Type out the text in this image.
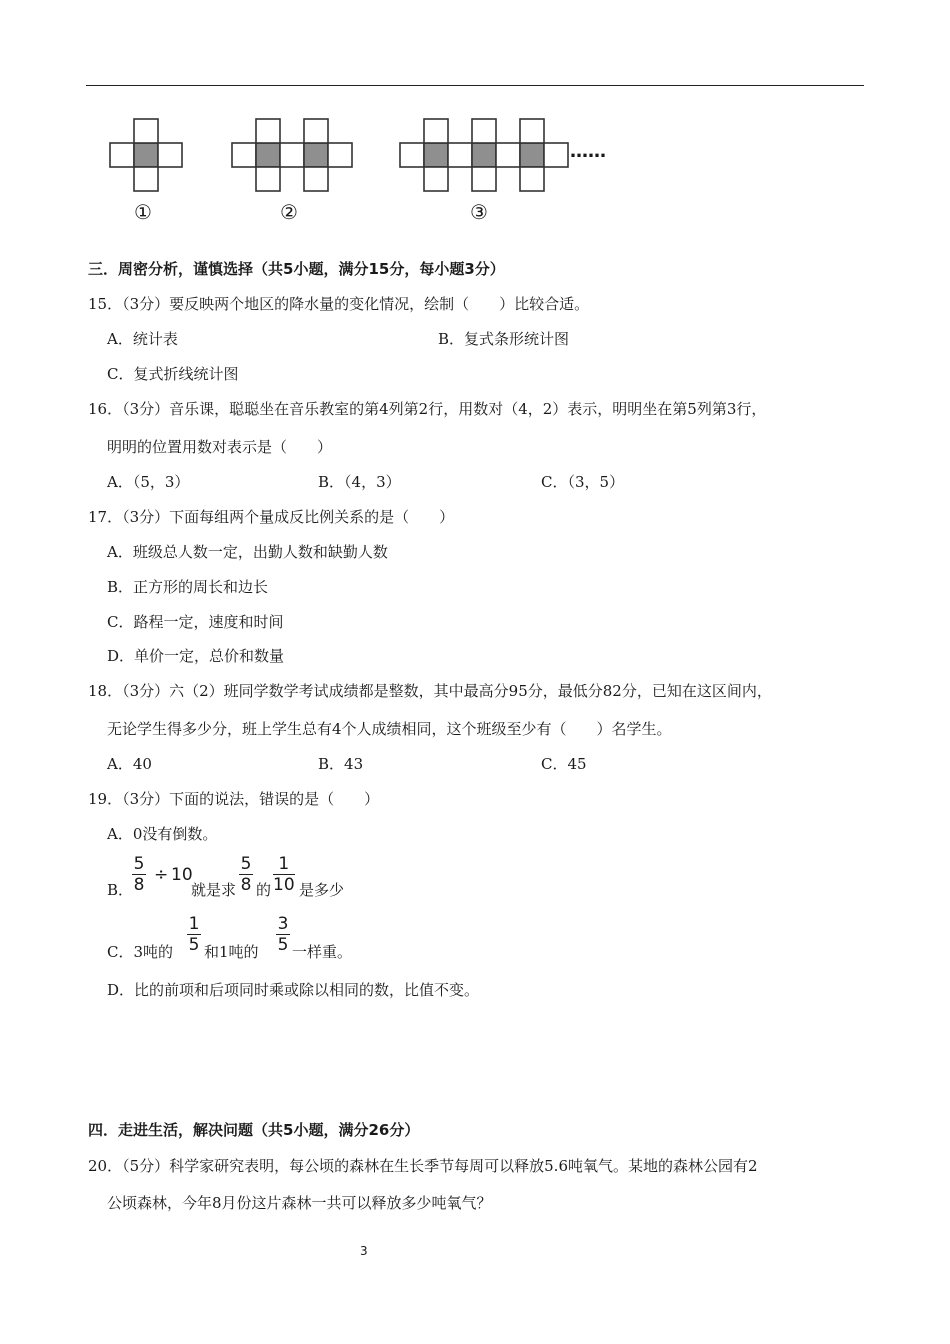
①	②	③
……
三．周密分析，谨慎选择（共5小题，满分15分，每小题3分）
15．（3分）要反映两个地区的降水量的变化情况，绘制（　　）比较合适。
A．统计表	B．复式条形统计图
C．复式折线统计图
16．（3分）音乐课，聪聪坐在音乐教室的第4列第2行，用数对（4，2）表示，明明坐在第5列第3行，
明明的位置用数对表示是（　　）
A．（5，3）	B．（4，3）	C．（3，5）
17．（3分）下面每组两个量成反比例关系的是（　　）
A．班级总人数一定，出勤人数和缺勤人数
B．正方形的周长和边长
C．路程一定，速度和时间
D．单价一定，总价和数量
18．（3分）六（2）班同学数学考试成绩都是整数，其中最高分95分，最低分82分，已知在这区间内，
无论学生得多少分，班上学生总有4个人成绩相同，这个班级至少有（　　）名学生。
A．40	B．43	C．45
19．（3分）下面的说法，错误的是（　　）
A．0没有倒数。
B．
5
8 ÷ 10
就是求
5
8 的
1
10 是多少
C．3吨的
1
5 和1吨的
3
5 一样重。
D．比的前项和后项同时乘或除以相同的数，比值不变。
四．走进生活，解决问题（共5小题，满分26分）
20．（5分）科学家研究表明，每公顷的森林在生长季节每周可以释放5.6吨氧气。某地的森林公园有2
公顷森林，今年8月份这片森林一共可以释放多少吨氧气？
3
